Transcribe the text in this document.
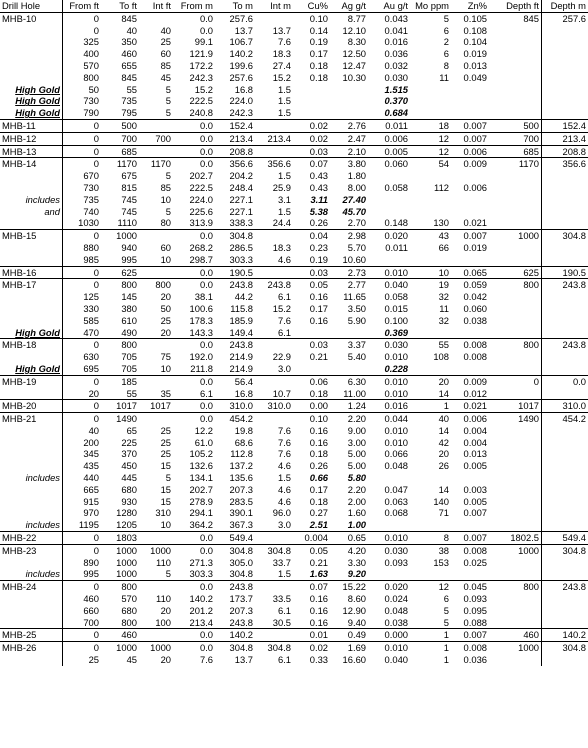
Drill Hole	From ft	To ft	Int ft	From m	To m	Int m	Cu%	Ag g/t	Au g/t	Mo ppm	Zn%	Depth ft	Depth m
MHB-10	0	845		0.0	257.6		0.10	8.77	0.043	5	0.105	845	257.6
	0	40	40	0.0	13.7	13.7	0.14	12.10	0.041	6	0.108		
	325	350	25	99.1	106.7	7.6	0.19	8.30	0.016	2	0.104		
	400	460	60	121.9	140.2	18.3	0.17	12.50	0.036	6	0.019		
	570	655	85	172.2	199.6	27.4	0.18	12.47	0.032	8	0.013		
	800	845	45	242.3	257.6	15.2	0.18	10.30	0.030	11	0.049		
High Gold	50	55	5	15.2	16.8	1.5			1.515				
High Gold	730	735	5	222.5	224.0	1.5			0.370				
High Gold	790	795	5	240.8	242.3	1.5			0.684				
MHB-11	0	500		0.0	152.4		0.02	2.76	0.011	18	0.007	500	152.4
MHB-12	0	700	700	0.0	213.4	213.4	0.02	2.47	0.006	12	0.007	700	213.4
MHB-13	0	685		0.0	208.8		0.03	2.10	0.005	12	0.006	685	208.8
MHB-14	0	1170	1170	0.0	356.6	356.6	0.07	3.80	0.060	54	0.009	1170	356.6
	670	675	5	202.7	204.2	1.5	0.43	1.80					
	730	815	85	222.5	248.4	25.9	0.43	8.00	0.058	112	0.006		
includes	735	745	10	224.0	227.1	3.1	3.11	27.40					
and	740	745	5	225.6	227.1	1.5	5.38	45.70					
	1030	1110	80	313.9	338.3	24.4	0.26	2.70	0.148	130	0.021		
MHB-15	0	1000		0.0	304.8		0.04	2.98	0.020	43	0.007	1000	304.8
	880	940	60	268.2	286.5	18.3	0.23	5.70	0.011	66	0.019		
	985	995	10	298.7	303.3	4.6	0.19	10.60					
MHB-16	0	625		0.0	190.5		0.03	2.73	0.010	10	0.065	625	190.5
MHB-17	0	800	800	0.0	243.8	243.8	0.05	2.77	0.040	19	0.059	800	243.8
	125	145	20	38.1	44.2	6.1	0.16	11.65	0.058	32	0.042		
	330	380	50	100.6	115.8	15.2	0.17	3.50	0.015	11	0.060		
	585	610	25	178.3	185.9	7.6	0.16	5.90	0.100	32	0.038		
High Gold	470	490	20	143.3	149.4	6.1			0.369				
MHB-18	0	800		0.0	243.8		0.03	3.37	0.030	55	0.008	800	243.8
	630	705	75	192.0	214.9	22.9	0.21	5.40	0.010	108	0.008		
High Gold	695	705	10	211.8	214.9	3.0			0.228				
MHB-19	0	185		0.0	56.4		0.06	6.30	0.010	20	0.009	0	0.0
	20	55	35	6.1	16.8	10.7	0.18	11.00	0.010	14	0.012		
MHB-20	0	1017	1017	0.0	310.0	310.0	0.00	1.24	0.016	1	0.021	1017	310.0
MHB-21	0	1490		0.0	454.2		0.10	2.20	0.044	40	0.006	1490	454.2
	40	65	25	12.2	19.8	7.6	0.16	9.00	0.010	14	0.004		
	200	225	25	61.0	68.6	7.6	0.16	3.00	0.010	42	0.004		
	345	370	25	105.2	112.8	7.6	0.18	5.00	0.066	20	0.013		
	435	450	15	132.6	137.2	4.6	0.26	5.00	0.048	26	0.005		
includes	440	445	5	134.1	135.6	1.5	0.66	5.80					
	665	680	15	202.7	207.3	4.6	0.17	2.20	0.047	14	0.003		
	915	930	15	278.9	283.5	4.6	0.18	2.00	0.063	140	0.005		
	970	1280	310	294.1	390.1	96.0	0.27	1.60	0.068	71	0.007		
includes	1195	1205	10	364.2	367.3	3.0	2.51	1.00					
MHB-22	0	1803		0.0	549.4		0.004	0.65	0.010	8	0.007	1802.5	549.4
MHB-23	0	1000	1000	0.0	304.8	304.8	0.05	4.20	0.030	38	0.008	1000	304.8
	890	1000	110	271.3	305.0	33.7	0.21	3.30	0.093	153	0.025		
includes	995	1000	5	303.3	304.8	1.5	1.63	9.20					
MHB-24	0	800		0.0	243.8		0.07	15.22	0.020	12	0.045	800	243.8
	460	570	110	140.2	173.7	33.5	0.16	8.60	0.024	6	0.093		
	660	680	20	201.2	207.3	6.1	0.16	12.90	0.048	5	0.095		
	700	800	100	213.4	243.8	30.5	0.16	9.40	0.038	5	0.088		
MHB-25	0	460		0.0	140.2		0.01	0.49	0.000	1	0.007	460	140.2
MHB-26	0	1000	1000	0.0	304.8	304.8	0.02	1.69	0.010	1	0.008	1000	304.8
	25	45	20	7.6	13.7	6.1	0.33	16.60	0.040	1	0.036		
